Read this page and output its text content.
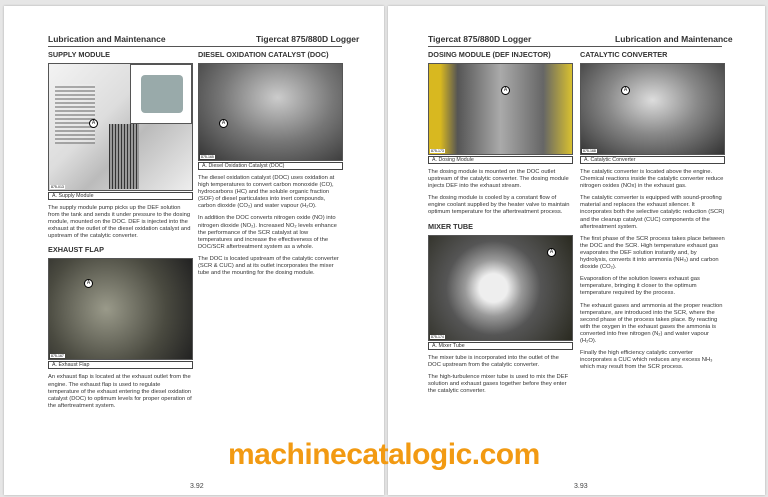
Lubrication and Maintenance	Tigercat 875/880D Logger
SUPPLY MODULE
A
875-013
A. Supply Module

The supply module pump picks up the DEF solution from the tank and sends it under pressure to the dosing module, mounted on the DOC. DEF is injected into the exhaust at the outlet of the diesel oxidation catalyst and upstream of the catalytic converter.

EXHAUST FLAP
A
875-167
A. Exhaust Flap

An exhaust flap is located at the exhaust outlet from the engine. The exhaust flap is used to regulate temperature of the exhaust entering the diesel oxidation catalyst (DOC) to optimum levels for proper operation of the aftertreatment system.

DIESEL OXIDATION CATALYST (DOC)
A
875-165
A. Diesel Oxidation Catalyst (DOC)

The diesel oxidation catalyst (DOC) uses oxidation at high temperatures to convert carbon monoxide (CO), hydrocarbons (HC) and the soluble organic fraction (SOF) of diesel particulates into inert compounds, carbon dioxide (CO₂) and water vapour (H₂O).

In addition the DOC converts nitrogen oxide (NO) into nitrogen dioxide (NO₂). Increased NO₂ levels enhance the performance of the SCR catalyst at low temperatures and increase the effectiveness of the DOC/SCR aftertreatment system as a whole.

The DOC is located upstream of the catalytic converter (SCR & CUC) and at its outlet incorporates the mixer tube and the mounting for the dosing module.

3.92
Tigercat 875/880D Logger	Lubrication and Maintenance
DOSING MODULE (DEF INJECTOR)
A
875-173
A. Dosing Module

The dosing module is mounted on the DOC outlet upstream of the catalytic converter. The dosing module injects DEF into the exhaust stream.

The dosing module is cooled by a constant flow of engine coolant supplied by the heater valve to maintain optimum temperature for the aftertreatment process.

MIXER TUBE
A
875-174
A. Mixer Tube

The mixer tube is incorporated into the outlet of the DOC upstream from the catalytic converter.

The high-turbulence mixer tube is used to mix the DEF solution and exhaust gases together before they enter the catalytic converter.

CATALYTIC CONVERTER
A
875-168
A. Catalytic Converter

The catalytic converter is located above the engine. Chemical reactions inside the catalytic converter reduce nitrogen oxides (NOx) in the exhaust gas.

The catalytic converter is equipped with sound-proofing material and replaces the exhaust silencer. It incorporates both the selective catalytic reduction (SCR) and the cleanup catalyst (CUC) components of the aftertreatment system.

The first phase of the SCR process takes place between the DOC and the SCR. High temperature exhaust gas evaporates the DEF solution instantly and, by hydrolysis, converts it into ammonia (NH₃) and carbon dioxide (CO₂).

Evaporation of the solution lowers exhaust gas temperature, bringing it closer to the optimum temperature required by the process.

The exhaust gases and ammonia at the proper reaction temperature, are introduced into the SCR, where the second phase of the process takes place. By reacting with the oxygen in the exhaust gases the ammonia is converted into free nitrogen (N₂) and water vapour (H₂O).

Finally the high efficiency catalytic converter incorporates a CUC which reduces any excess NH₃ which may result from the SCR process.

3.93
machinecatalogic.com
